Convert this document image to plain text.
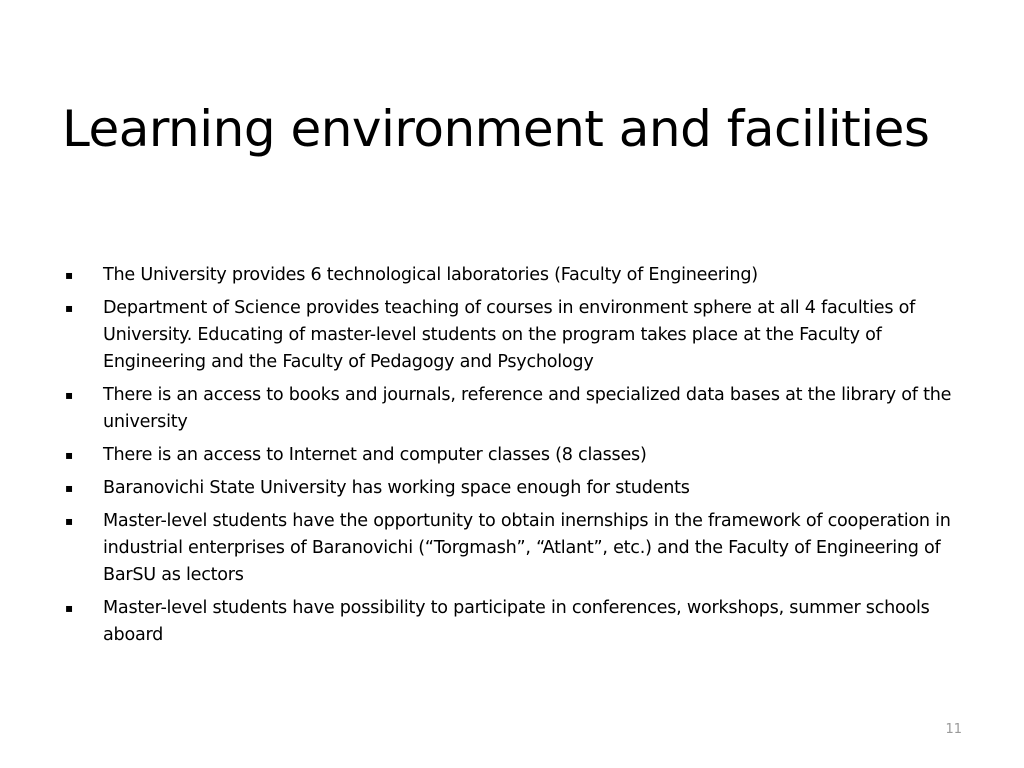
Learning environment and facilities
▪ The University provides 6 technological laboratories (Faculty of Engineering)
▪ Department of Science provides teaching of courses in environment sphere at all 4 faculties of University. Educating of master-level students on the program takes place at the Faculty of Engineering and the Faculty of Pedagogy and Psychology
▪ There is an access to books and journals, reference and specialized data bases at the library of the university
▪ There is an access to Internet and computer classes (8 classes)
▪ Baranovichi State University has working space enough for students
▪ Master-level students have the opportunity to obtain inernships in the framework of cooperation in industrial enterprises of Baranovichi (“Torgmash”, “Atlant”, etc.) and the Faculty of Engineering of BarSU as lectors
▪ Master-level students have possibility to participate in conferences, workshops, summer schools aboard
11
